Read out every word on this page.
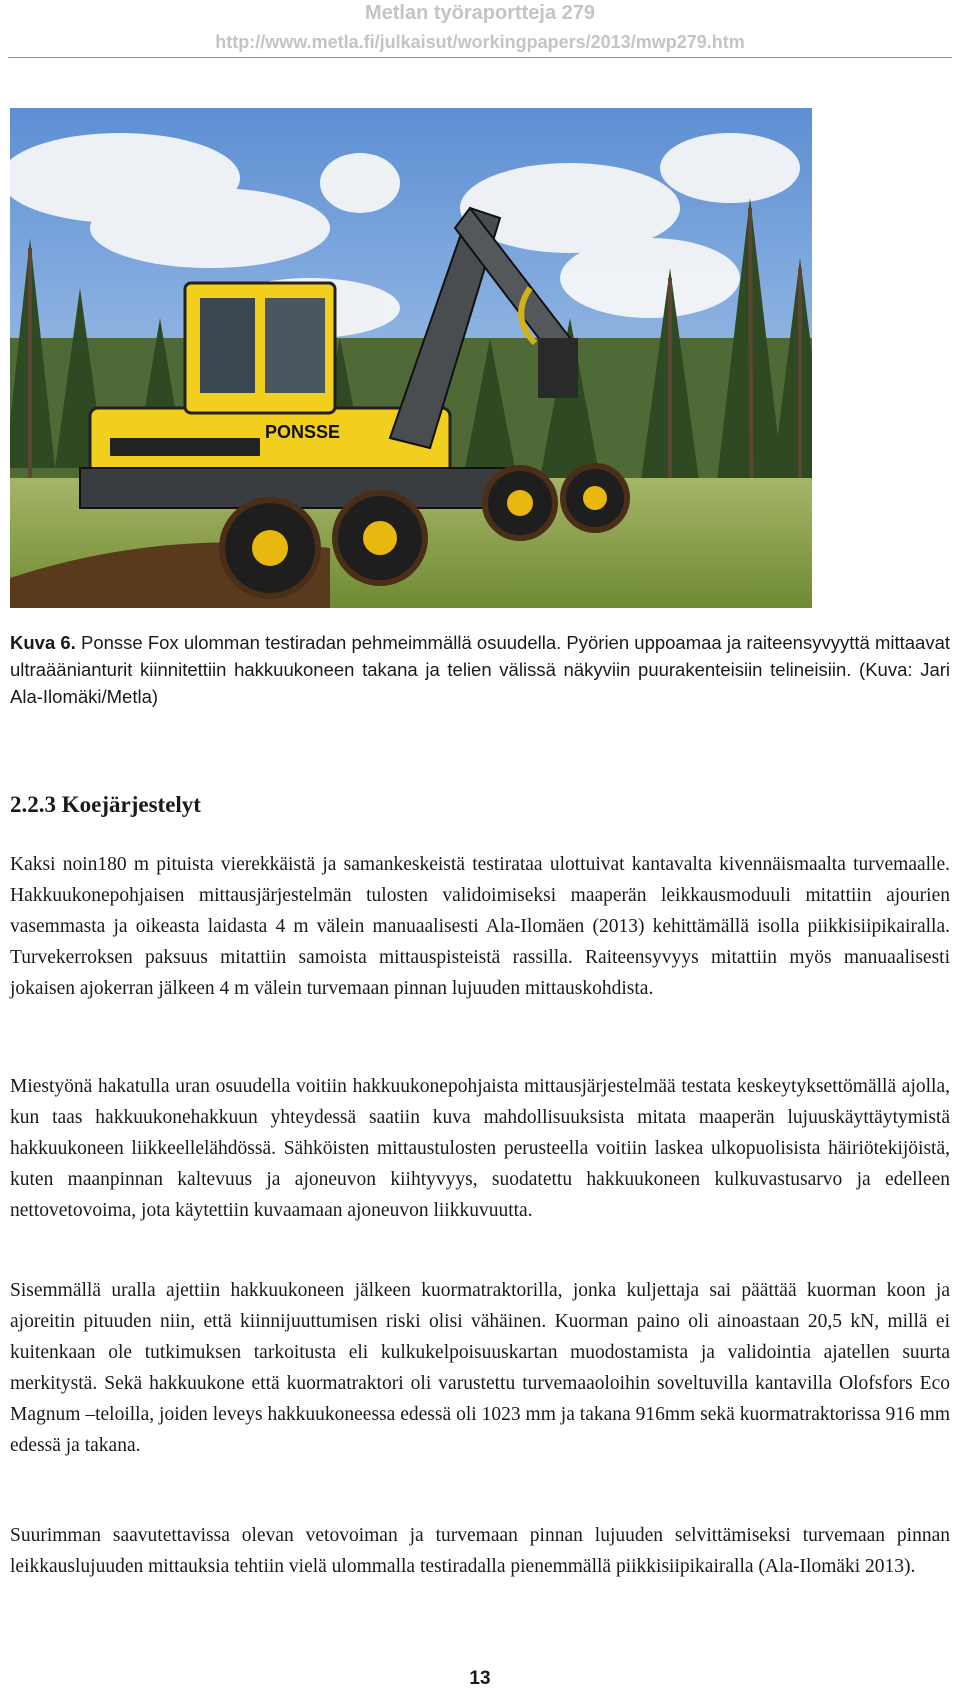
Metlan työraportteja 279
http://www.metla.fi/julkaisut/workingpapers/2013/mwp279.htm
PONSSE

Kuva 6. Ponsse Fox ulomman testiradan pehmeimmällä osuudella. Pyörien uppoamaa ja raiteensyvyyttä mittaavat ultraäänianturit kiinnitettiin hakkuukoneen takana ja telien välissä näkyviin puurakenteisiin telineisiin. (Kuva: Jari Ala-Ilomäki/Metla)

2.2.3 Koejärjestelyt

Kaksi noin180 m pituista vierekkäistä ja samankeskeistä testirataa ulottuivat kantavalta kivennäismaalta turvemaalle. Hakkuukonepohjaisen mittausjärjestelmän tulosten validoimiseksi maaperän leikkausmoduuli mitattiin ajourien vasemmasta ja oikeasta laidasta 4 m välein manuaalisesti Ala-Ilomäen (2013) kehittämällä isolla piikkisiipikairalla. Turvekerroksen paksuus mitattiin samoista mittauspisteistä rassilla. Raiteensyvyys mitattiin myös manuaalisesti jokaisen ajokerran jälkeen 4 m välein turvemaan pinnan lujuuden mittauskohdista.

Miestyönä hakatulla uran osuudella voitiin hakkuukonepohjaista mittausjärjestelmää testata keskeytyksettömällä ajolla, kun taas hakkuukonehakkuun yhteydessä saatiin kuva mahdollisuuksista mitata maaperän lujuuskäyttäytymistä hakkuukoneen liikkeellelähdössä. Sähköisten mittaustulosten perusteella voitiin laskea ulkopuolisista häiriötekijöistä, kuten maanpinnan kaltevuus ja ajoneuvon kiihtyvyys, suodatettu hakkuukoneen kulkuvastusarvo ja edelleen nettovetovoima, jota käytettiin kuvaamaan ajoneuvon liikkuvuutta.

Sisemmällä uralla ajettiin hakkuukoneen jälkeen kuormatraktorilla, jonka kuljettaja sai päättää kuorman koon ja ajoreitin pituuden niin, että kiinnijuuttumisen riski olisi vähäinen. Kuorman paino oli ainoastaan 20,5 kN, millä ei kuitenkaan ole tutkimuksen tarkoitusta eli kulkukelpoisuuskartan muodostamista ja validointia ajatellen suurta merkitystä. Sekä hakkuukone että kuormatraktori oli varustettu turvemaaoloihin soveltuvilla kantavilla Olofsfors Eco Magnum –teloilla, joiden leveys hakkuukoneessa edessä oli 1023 mm ja takana 916mm sekä kuormatraktorissa 916 mm edessä ja takana.

Suurimman saavutettavissa olevan vetovoiman ja turvemaan pinnan lujuuden selvittämiseksi turvemaan pinnan leikkauslujuuden mittauksia tehtiin vielä ulommalla testiradalla pienemmällä piikkisiipikairalla (Ala-Ilomäki 2013).

13
